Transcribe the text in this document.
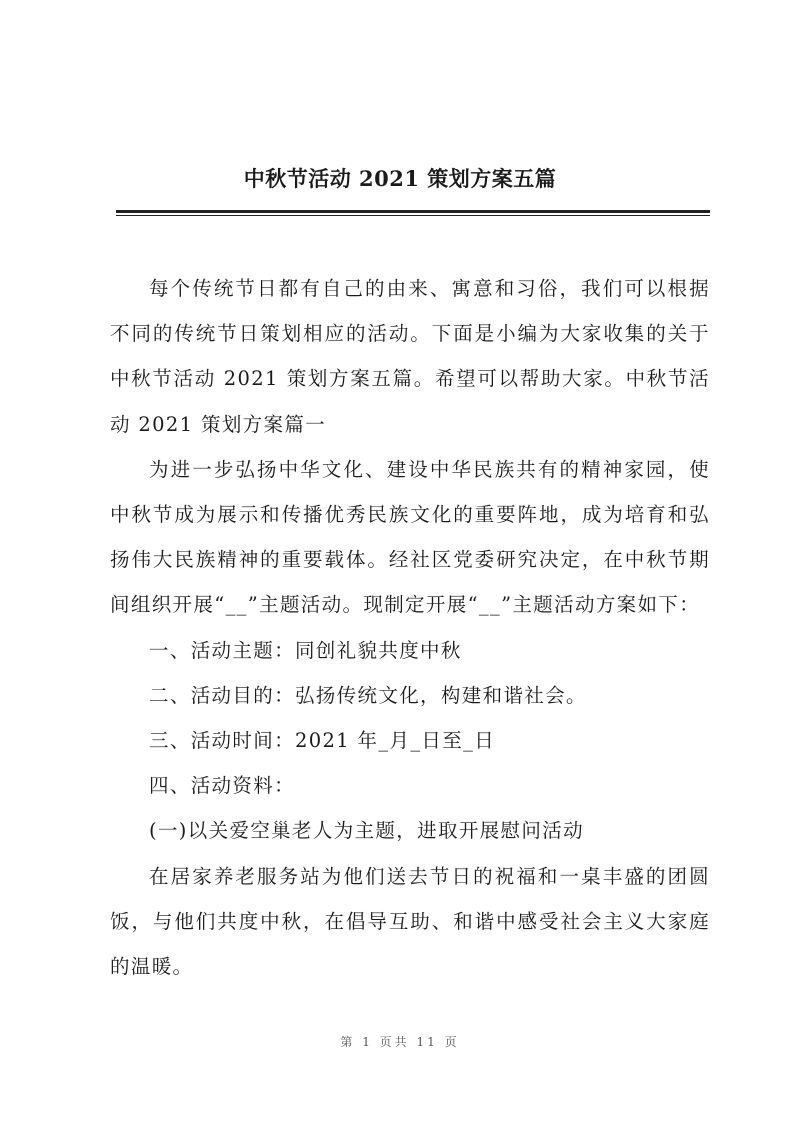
中秋节活动 2021 策划方案五篇

每个传统节日都有自己的由来、寓意和习俗，我们可以根据不同的传统节日策划相应的活动。下面是小编为大家收集的关于中秋节活动 2021 策划方案五篇。希望可以帮助大家。中秋节活动 2021 策划方案篇一

为进一步弘扬中华文化、建设中华民族共有的精神家园，使中秋节成为展示和传播优秀民族文化的重要阵地，成为培育和弘扬伟大民族精神的重要载体。经社区党委研究决定，在中秋节期间组织开展“__”主题活动。现制定开展“__”主题活动方案如下：

一、活动主题：同创礼貌共度中秋

二、活动目的：弘扬传统文化，构建和谐社会。

三、活动时间：2021 年_月_日至_日

四、活动资料：

(一)以关爱空巢老人为主题，进取开展慰问活动

在居家养老服务站为他们送去节日的祝福和一桌丰盛的团圆饭，与他们共度中秋，在倡导互助、和谐中感受社会主义大家庭的温暖。

第 1 页共 11 页
